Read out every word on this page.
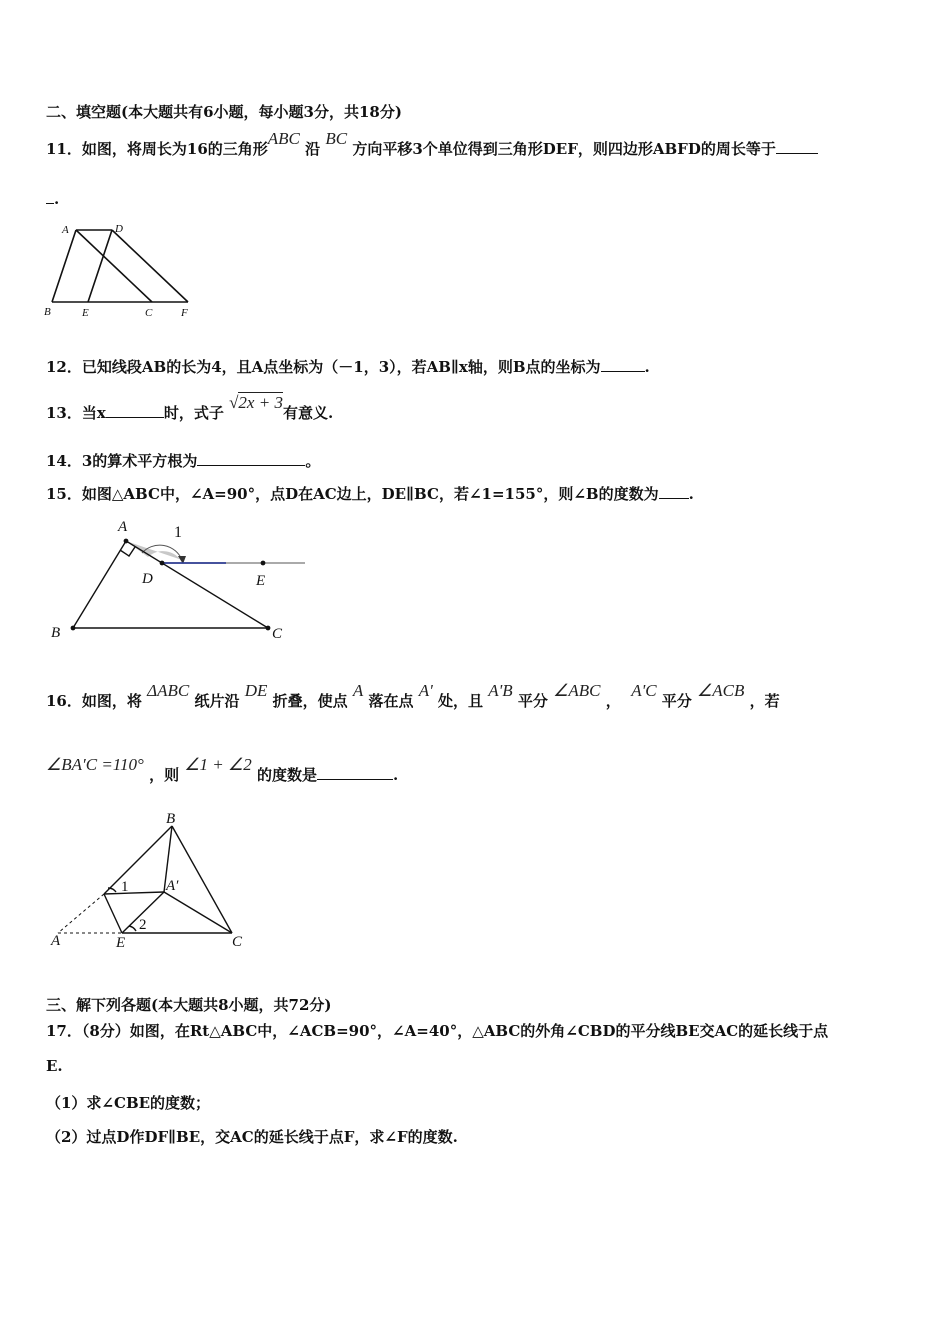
二、填空题(本大题共有6小题，每小题3分，共18分)
11．如图，将周长为16的三角形ABC 沿 BC 方向平移3个单位得到三角形DEF，则四边形ABFD的周长等于
.
A	D
B	E	C	F
12．已知线段AB的长为4，且A点坐标为（－1，3），若AB∥x轴，则B点的坐标为	.
13．当x	时，式子 √2x + 3有意义.
14．3的算术平方根为	。
15．如图△ABC中，∠A=90°，点D在AC边上，DE∥BC，若∠1=155°，则∠B的度数为 .
A	1
D	E
B	C
16．如图，将 ΔABC 纸片沿 DE 折叠，使点 A 落在点 A' 处，且 A'B 平分 ∠ABC ，  A'C 平分 ∠ACB ，若
∠BA′C =110° ，则 ∠1 + ∠2 的度数是	.
B
1	A′
2
A	E	C
三、解下列各题(本大题共8小题，共72分)
17．（8分）如图，在Rt△ABC中，∠ACB=90°，∠A=40°，△ABC的外角∠CBD的平分线BE交AC的延长线于点
E.
（1）求∠CBE的度数；
（2）过点D作DF∥BE，交AC的延长线于点F，求∠F的度数.
